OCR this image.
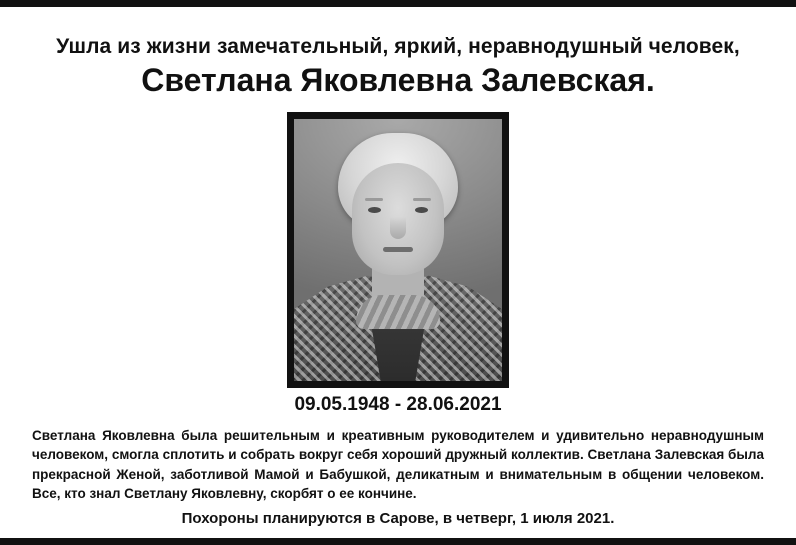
Ушла из жизни замечательный, яркий, неравнодушный человек,
Светлана Яковлевна Залевская.
09.05.1948 - 28.06.2021

Светлана Яковлевна была решительным и креативным руководителем и удивительно неравнодушным человеком, смогла сплотить и собрать вокруг себя хороший дружный коллектив. Светлана Залевская была прекрасной Женой, заботливой Мамой и Бабушкой, деликатным и внимательным в общении человеком. Все, кто знал Светлану Яковлевну, скорбят о ее кончине.

Похороны планируются в Сарове, в четверг, 1 июля 2021.
